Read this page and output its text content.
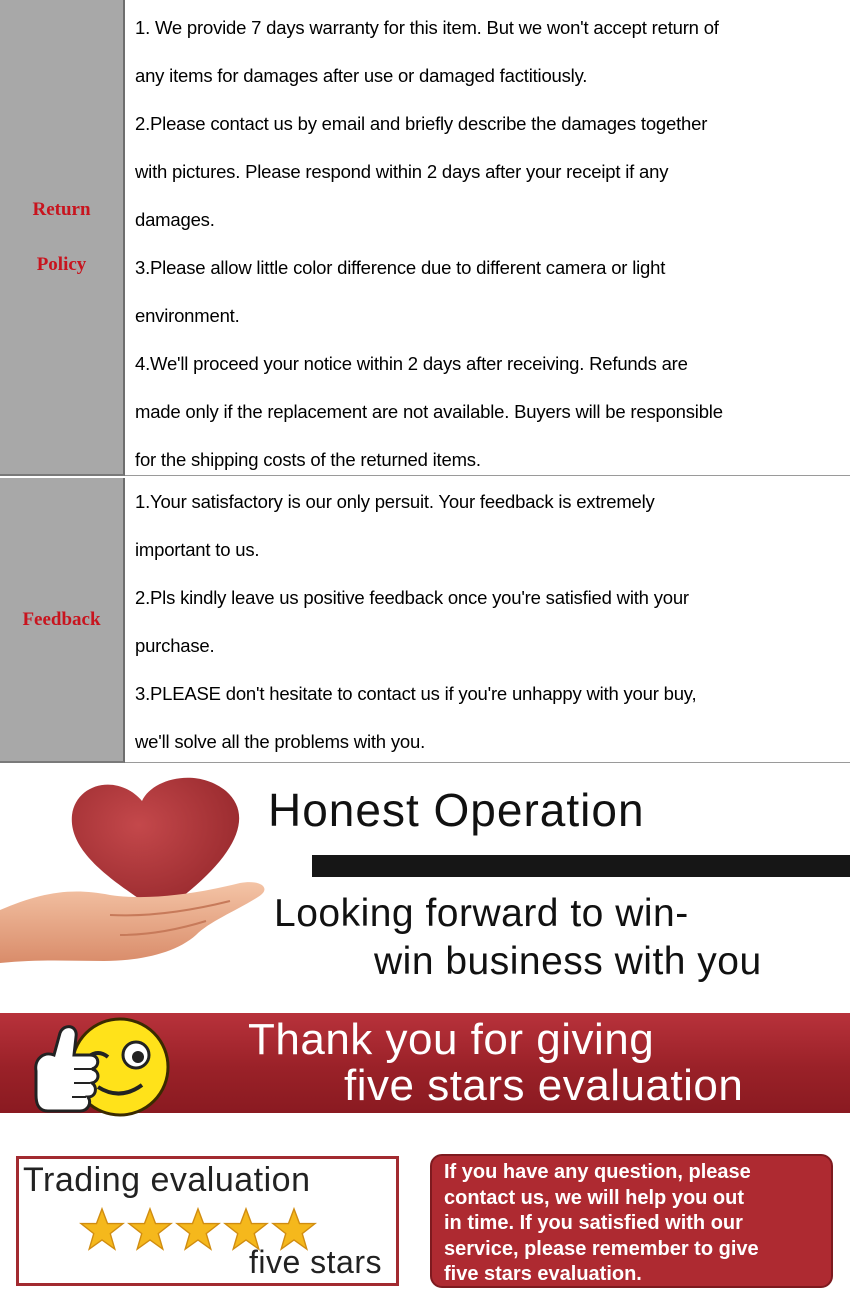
Return
Policy
1. We provide 7 days warranty for this item. But we won't accept return of
any items for damages after use or damaged factitiously.
2.Please contact us by email and briefly describe the damages together
with pictures. Please respond within 2 days after your receipt if any
damages.
3.Please allow little color difference due to different camera or light
environment.
4.We'll proceed your notice within 2 days after receiving. Refunds are
made only if the replacement are not available. Buyers will be responsible
for the shipping costs of the returned items.
Feedback
1.Your satisfactory is our only persuit. Your feedback is extremely
important to us.
2.Pls kindly leave us positive feedback once you're satisfied with your
purchase.
3.PLEASE don't hesitate to contact us if you're unhappy with your buy,
we'll solve all the problems with you.
Honest Operation
Looking forward to win-
win business with you
Thank you for giving
five stars evaluation
Trading evaluation
five stars
If you have any question, please
contact us, we will help you out
in time. If you satisfied with our
service, please remember to give
five stars evaluation.
